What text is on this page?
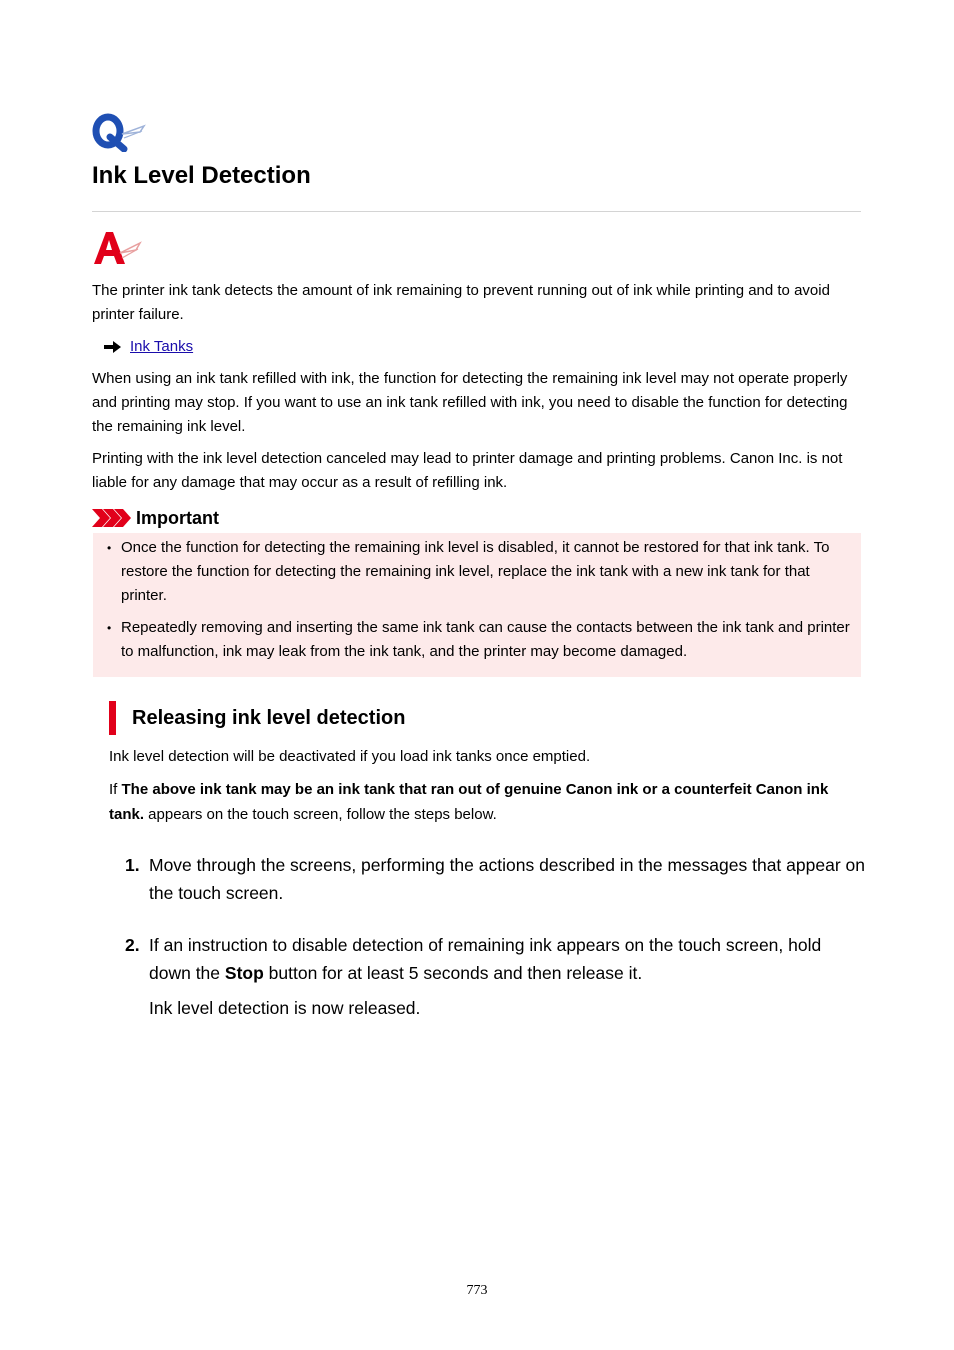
Ink Level Detection

The printer ink tank detects the amount of ink remaining to prevent running out of ink while printing and to avoid printer failure.

Ink Tanks

When using an ink tank refilled with ink, the function for detecting the remaining ink level may not operate properly and printing may stop. If you want to use an ink tank refilled with ink, you need to disable the function for detecting the remaining ink level.

Printing with the ink level detection canceled may lead to printer damage and printing problems. Canon Inc. is not liable for any damage that may occur as a result of refilling ink.

Important
• Once the function for detecting the remaining ink level is disabled, it cannot be restored for that ink tank. To restore the function for detecting the remaining ink level, replace the ink tank with a new ink tank for that printer.
• Repeatedly removing and inserting the same ink tank can cause the contacts between the ink tank and printer to malfunction, ink may leak from the ink tank, and the printer may become damaged.
Releasing ink level detection

Ink level detection will be deactivated if you load ink tanks once emptied.

If The above ink tank may be an ink tank that ran out of genuine Canon ink or a counterfeit Canon ink tank. appears on the touch screen, follow the steps below.

1. Move through the screens, performing the actions described in the messages that appear on the touch screen.
2. If an instruction to disable detection of remaining ink appears on the touch screen, hold down the Stop button for at least 5 seconds and then release it.
Ink level detection is now released.
773
